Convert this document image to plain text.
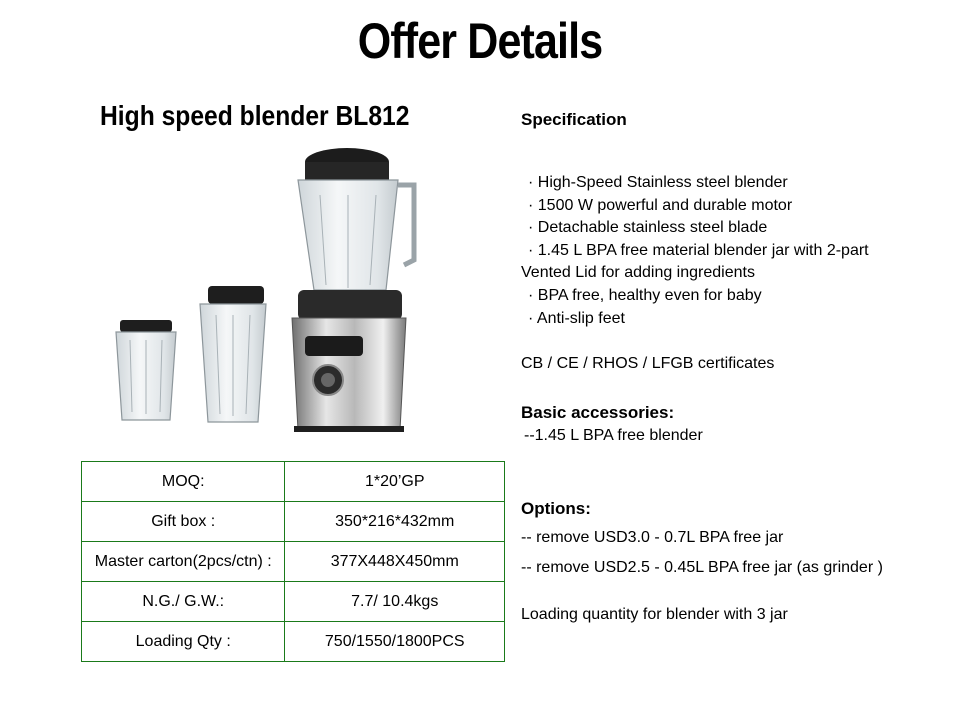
Offer Details
High speed blender BL812
MOQ:	1*20’GP
Gift box :	350*216*432mm
Master carton(2pcs/ctn) :	377X448X450mm
N.G./ G.W.:	7.7/ 10.4kgs
Loading Qty :	750/1550/1800PCS
Specification
· High-Speed Stainless steel blender
· 1500 W powerful and durable motor
· Detachable stainless steel blade
· 1.45 L BPA free material blender jar with 2-part
Vented Lid for adding ingredients
· BPA free, healthy even for baby
· Anti-slip feet
CB / CE / RHOS / LFGB certificates
Basic accessories:
--1.45 L BPA free blender
Options:
-- remove USD3.0 - 0.7L BPA free jar
-- remove USD2.5 - 0.45L BPA free jar (as grinder )
Loading quantity for blender with 3 jar
